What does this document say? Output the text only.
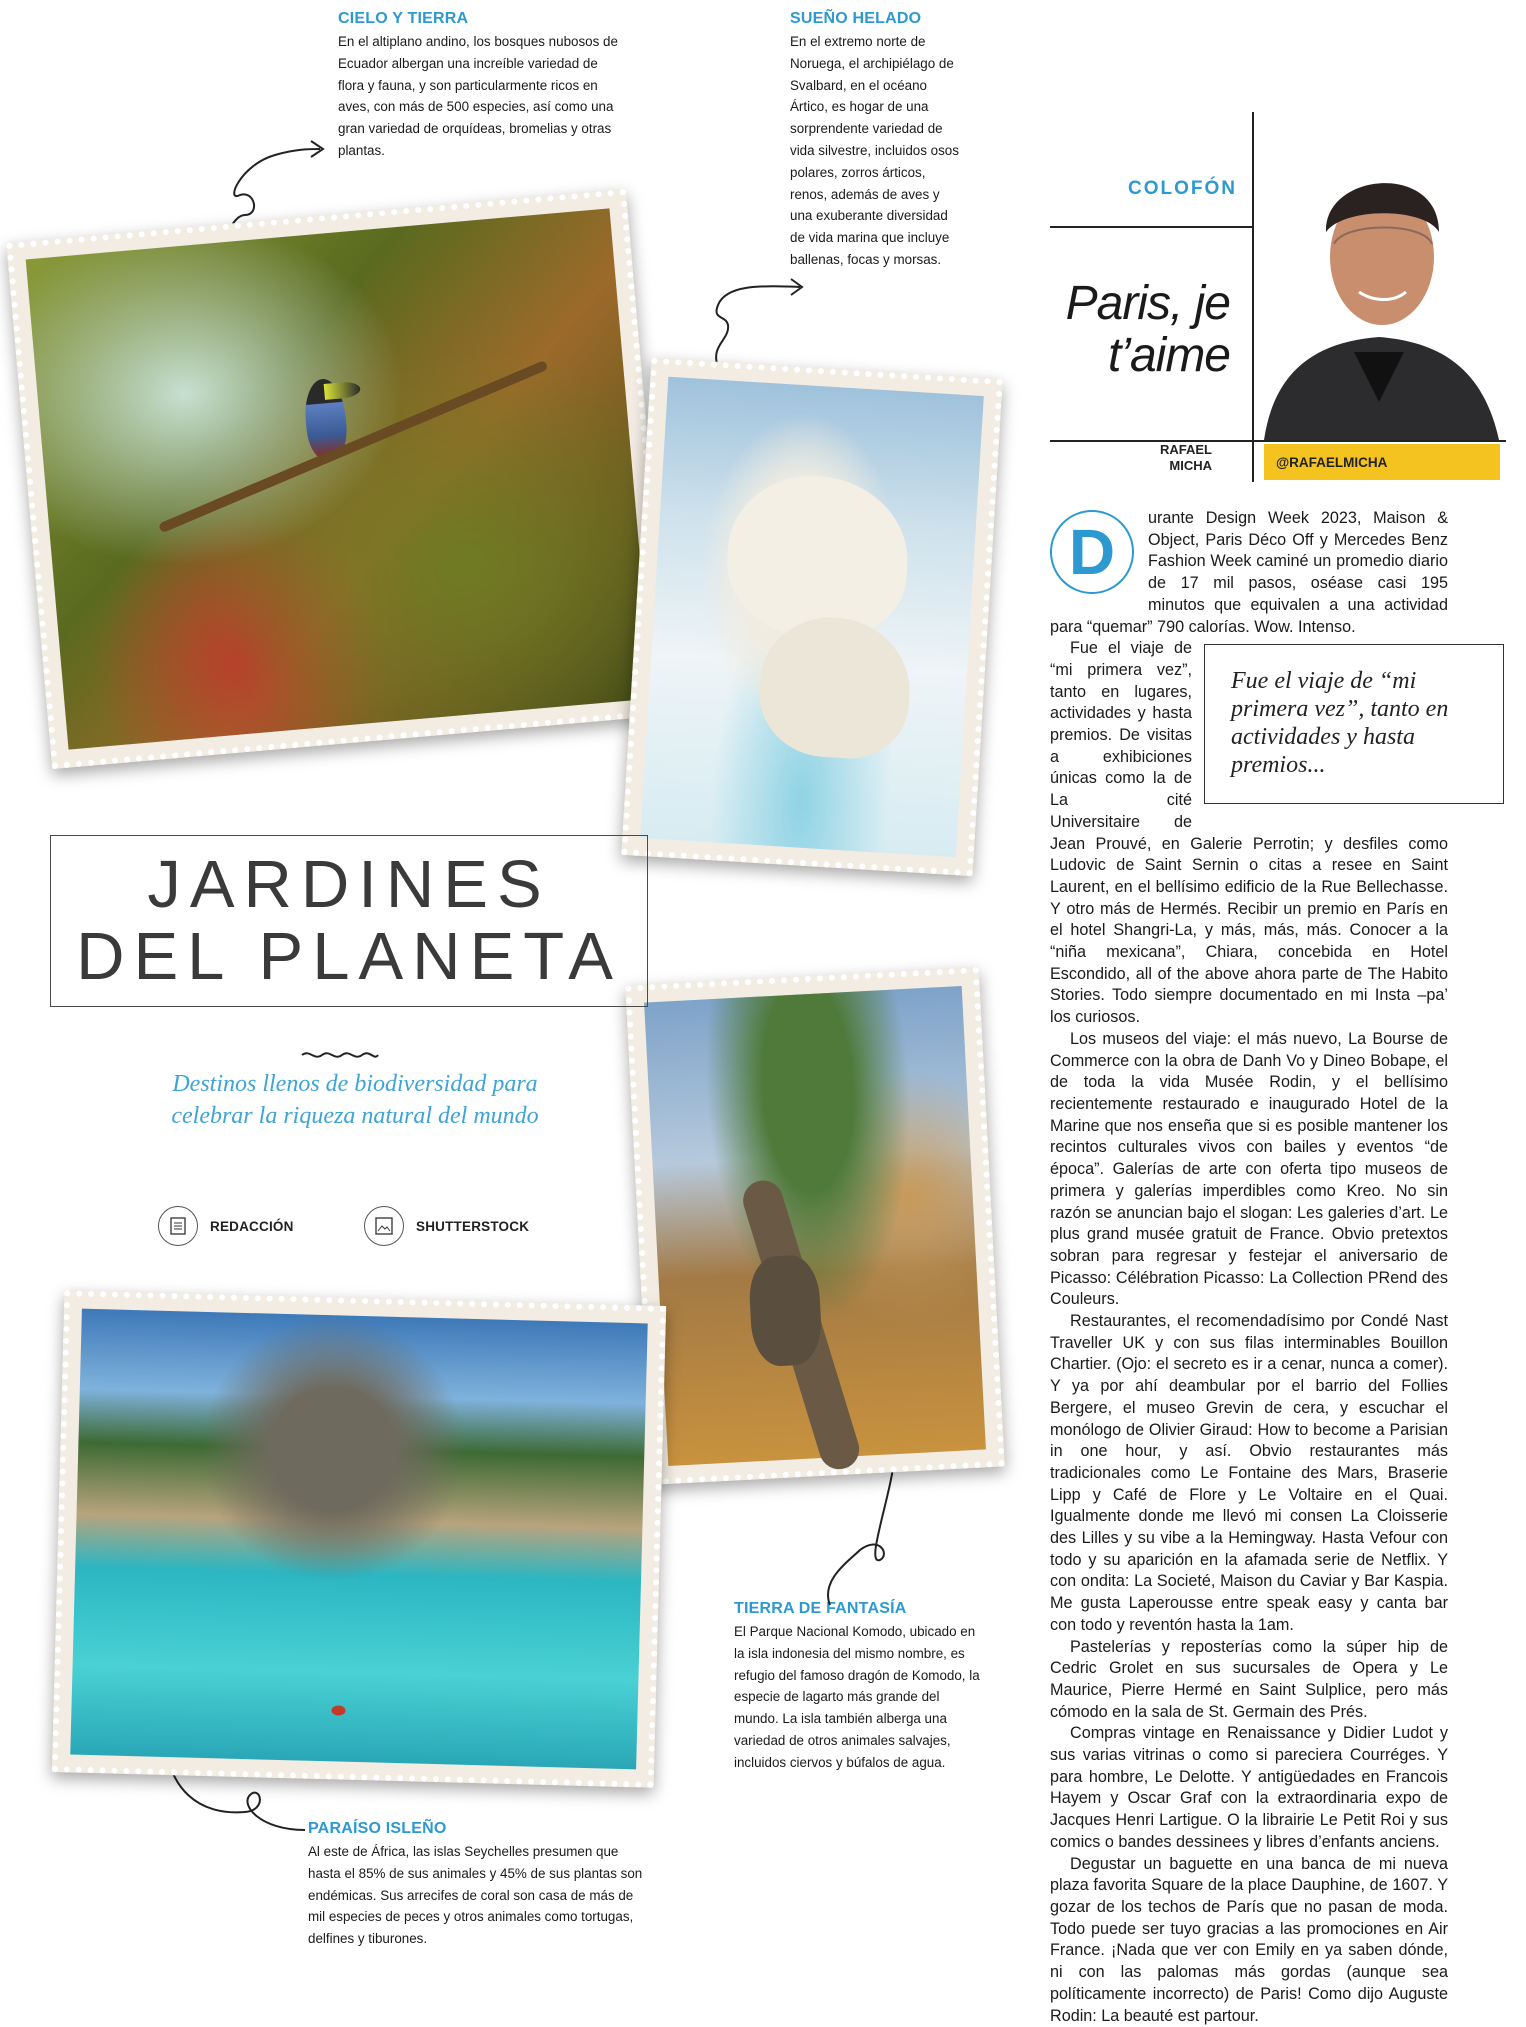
CIELO Y TIERRA
En el altiplano andino, los bosques nubosos de Ecuador albergan una increíble variedad de flora y fauna, y son particularmente ricos en aves, con más de 500 especies, así como una gran variedad de orquídeas, bromelias y otras plantas.
SUEÑO HELADO
En el extremo norte de Noruega, el archipiélago de Svalbard, en el océano Ártico, es hogar de una sorprendente variedad de vida silvestre, incluidos osos polares, zorros árticos, renos, además de aves y una exuberante diversidad de vida marina que incluye ballenas, focas y morsas.
TIERRA DE FANTASÍA
El Parque Nacional Komodo, ubicado en la isla indonesia del mismo nombre, es refugio del famoso dragón de Komodo, la especie de lagarto más grande del mundo. La isla también alberga una variedad de otros animales salvajes, incluidos ciervos y búfalos de agua.
PARAÍSO ISLEÑO
Al este de África, las islas Seychelles presumen que hasta el 85% de sus animales y 45% de sus plantas son endémicas. Sus arrecifes de coral son casa de más de mil especies de peces y otros animales como tortugas, delfines y tiburones.
JARDINES
DEL PLANETA
Destinos llenos de biodiversidad para celebrar la riqueza natural del mundo
REDACCIÓN	SHUTTERSTOCK
COLOFÓN
Paris, je
t’aime
RAFAEL
MICHA	@RAFAELMICHA
D	urante Design Week 2023, Maison & Object, Paris Déco Off y Mercedes Benz Fashion Week caminé un promedio diario de 17 mil pasos, oséase casi 195 minutos que equivalen a una actividad para “quemar” 790 calorías. Wow. Intenso.

Fue el viaje de “mi primera vez”, tanto en actividades y hasta premios...

Fue el viaje de “mi primera vez”, tanto en lugares, actividades y hasta premios. De visitas a exhibiciones únicas como la de La cité Universitaire de Jean Prouvé, en Galerie Perrotin; y desfiles como Ludovic de Saint Sernin o citas a resee en Saint Laurent, en el bellísimo edificio de la Rue Bellechasse. Y otro más de Hermés. Recibir un premio en París en el hotel Shangri-La, y más, más, más. Conocer a la “niña mexicana”, Chiara, concebida en Hotel Escondido, all of the above ahora parte de The Habito Stories. Todo siempre documentado en mi Insta –pa’ los curiosos.

Los museos del viaje: el más nuevo, La Bourse de Commerce con la obra de Danh Vo y Dineo Bobape, el de toda la vida Musée Rodin, y el bellísimo recientemente restaurado e inaugurado Hotel de la Marine que nos enseña que si es posible mantener los recintos culturales vivos con bailes y eventos “de época”. Galerías de arte con oferta tipo museos de primera y galerías imperdibles como Kreo. No sin razón se anuncian bajo el slogan: Les galeries d’art. Le plus grand musée gratuit de France. Obvio pretextos sobran para regresar y festejar el aniversario de Picasso: Célébration Picasso: La Collection PRend des Couleurs.

Restaurantes, el recomendadísimo por Condé Nast Traveller UK y con sus filas interminables Bouillon Chartier. (Ojo: el secreto es ir a cenar, nunca a comer). Y ya por ahí deambular por el barrio del Follies Bergere, el museo Grevin de cera, y escuchar el monólogo de Olivier Giraud: How to become a Parisian in one hour, y así. Obvio restaurantes más tradicionales como Le Fontaine des Mars, Braserie Lipp y Café de Flore y Le Voltaire en el Quai. Igualmente donde me llevó mi consen La Cloisserie des Lilles y su vibe a la Hemingway. Hasta Vefour con todo y su aparición en la afamada serie de Netflix. Y con ondita: La Societé, Maison du Caviar y Bar Kaspia. Me gusta Laperousse entre speak easy y canta bar con todo y reventón hasta la 1am.

Pastelerías y reposterías como la súper hip de Cedric Grolet en sus sucursales de Opera y Le Maurice, Pierre Hermé en Saint Sulplice, pero más cómodo en la sala de St. Germain des Prés.

Compras vintage en Renaissance y Didier Ludot y sus varias vitrinas o como si pareciera Courréges. Y para hombre, Le Delotte. Y antigüedades en Francois Hayem y Oscar Graf con la extraordinaria expo de Jacques Henri Lartigue. O la librairie Le Petit Roi y sus comics o bandes dessinees y libres d’enfants anciens.

Degustar un baguette en una banca de mi nueva plaza favorita Square de la place Dauphine, de 1607. Y gozar de los techos de París que no pasan de moda. Todo puede ser tuyo gracias a las promociones en Air France. ¡Nada que ver con Emily en ya saben dónde, ni con las palomas más gordas (aunque sea políticamente incorrecto) de Paris! Como dijo Auguste Rodin: La beauté est partour.
